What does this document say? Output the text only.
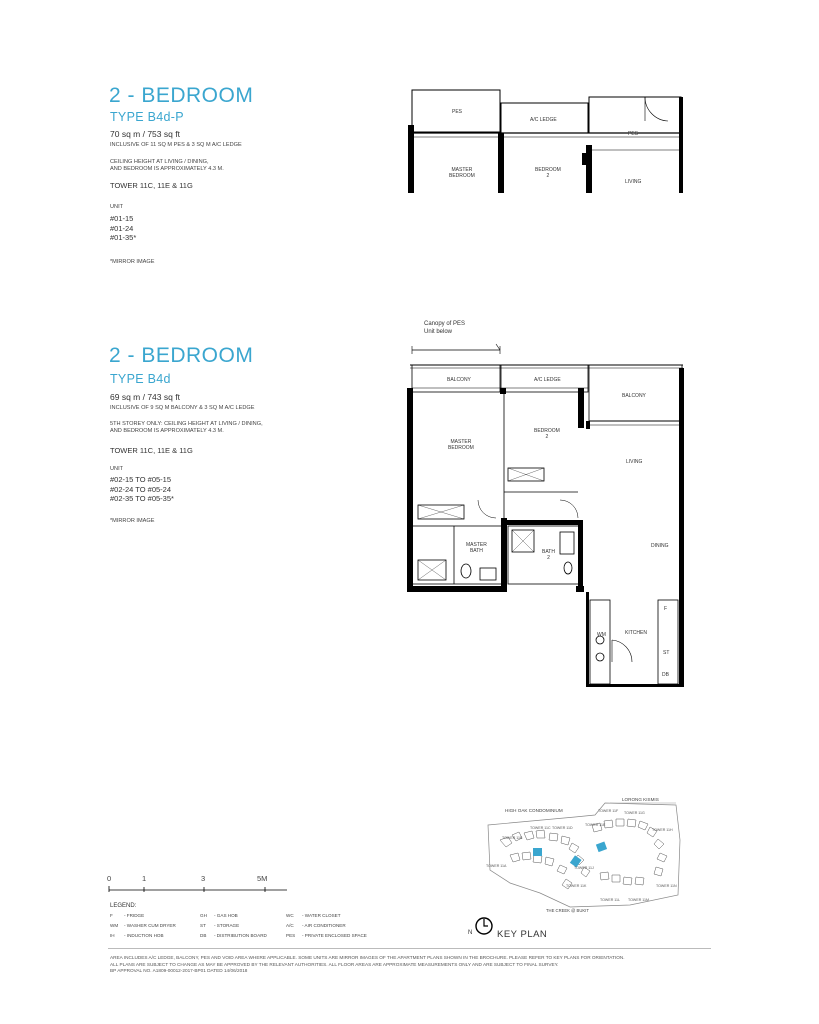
2 - BEDROOM
TYPE B4d-P
70 sq m / 753 sq ft
INCLUSIVE OF 11 SQ M PES & 3 SQ M A/C LEDGE
CEILING HEIGHT AT LIVING / DINING,
AND BEDROOM IS APPROXIMATELY 4.3 M.
TOWER 11C, 11E & 11G
UNIT
#01-15
#01-24
#01-35*
*MIRROR IMAGE
PES
A/C LEDGE
PES
MASTER
BEDROOM
BEDROOM
2
LIVING
2 - BEDROOM
TYPE B4d
69 sq m / 743 sq ft
INCLUSIVE OF 9 SQ M BALCONY & 3 SQ M A/C LEDGE
5TH STOREY ONLY: CEILING HEIGHT AT LIVING / DINING,
AND BEDROOM IS APPROXIMATELY 4.3 M.
TOWER 11C, 11E & 11G
UNIT
#02-15 TO #05-15
#02-24 TO #05-24
#02-35 TO #05-35*
*MIRROR IMAGE
Canopy of PES
Unit below
BALCONY	A/C LEDGE
BALCONY
MASTER
BEDROOM
BEDROOM
2
LIVING
DINING
MASTER
BATH	BATH
2
KITCHEN
WM
F
ST
DB
0	1	3	5M
LEGEND:
F - FRIDGE	GH - GAS HOB	WC - WATER CLOSET
WM - WASHER CUM DRYER	ST - STORAGE	A/C - AIR CONDITIONER
IH - INDUCTION HOB	DB - DISTRIBUTION BOARD	PES - PRIVATE ENCLOSED SPACE
LORONG KISMIS
HIGH OAK CONDOMINIUM
THE CREEK @ BUKIT
TOWER 11C
TOWER 11B
TOWER 11A
TOWER 11D
TOWER 11E
TOWER 11F TOWER 11G
TOWER 11H
TOWER 11J
TOWER 11K
TOWER 11L TOWER 11M
TOWER 11N
N	KEY PLAN
AREA INCLUDES A/C LEDGE, BALCONY, PES AND VOID AREA WHERE APPLICABLE. SOME UNITS ARE MIRROR IMAGES OF THE APARTMENT PLANS SHOWN IN THE BROCHURE. PLEASE REFER TO KEY PLANS FOR ORIENTATION.
ALL PLANS ARE SUBJECT TO CHANGE AS MAY BE APPROVED BY THE RELEVANT AUTHORITIES. ALL FLOOR AREAS ARE APPROXIMATE MEASUREMENTS ONLY AND ARE SUBJECT TO FINAL SURVEY.
BP APPROVAL NO. A1809-00012-2017-BP01 DATED 14/06/2018
